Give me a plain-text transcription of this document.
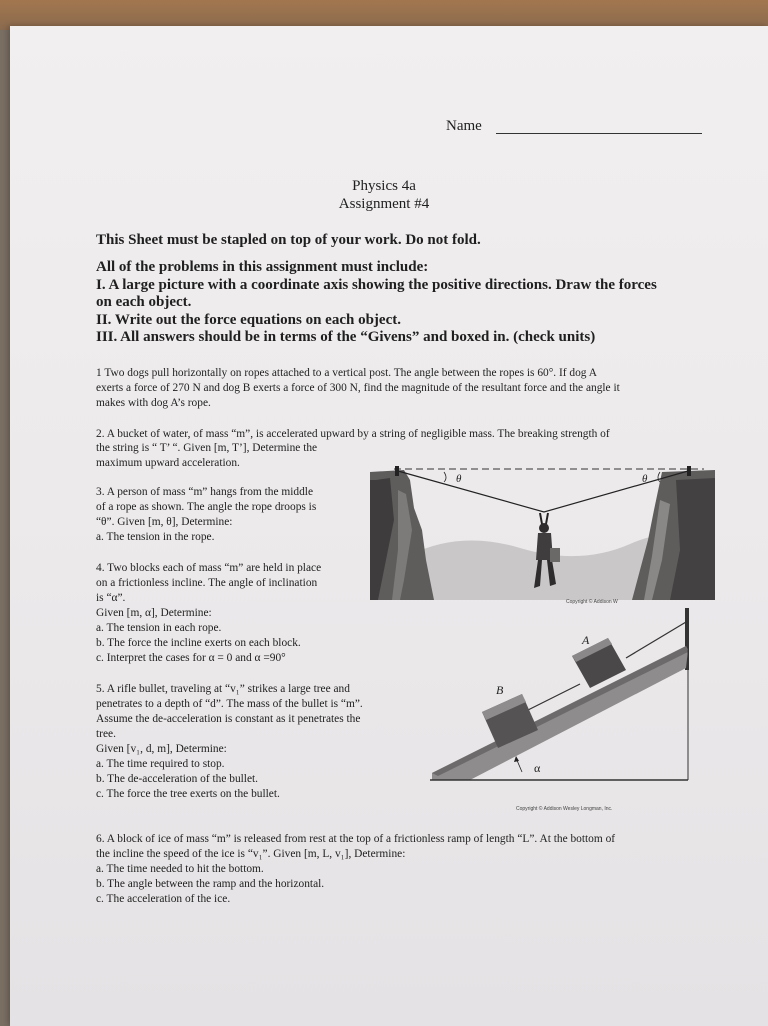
Name
Physics 4a
Assignment #4
This Sheet must be stapled on top of your work. Do not fold.
All of the problems in this assignment must include:
I. A large picture with a coordinate axis showing the positive directions. Draw the forces
on each object.
II. Write out the force equations on each object.
III. All answers should be in terms of the “Givens” and boxed in. (check units)
1 Two dogs pull horizontally on ropes attached to a vertical post. The angle between the ropes is 60°. If dog A
exerts a force of 270 N and dog B exerts a force of 300 N, find the magnitude of the resultant force and the angle it
makes with dog A’s rope.
2. A bucket of water, of mass “m”, is accelerated upward by a string of negligible mass. The breaking strength of
the string is “ T’ “. Given [m, T’], Determine the
maximum upward acceleration.
3. A person of mass “m” hangs from the middle
of a rope as shown. The angle the rope droops is
“θ”. Given [m, θ], Determine:
a. The tension in the rope.
4. Two blocks each of mass “m” are held in place
on a frictionless incline. The angle of inclination
is “α”.
Given [m, α], Determine:
a. The tension in each rope.
b. The force the incline exerts on each block.
c. Interpret the cases for α = 0 and α =90°
5. A rifle bullet, traveling at “v₁” strikes a large tree and
penetrates to a depth of “d”. The mass of the bullet is “m”.
Assume the de-acceleration is constant as it penetrates the
tree.
Given [v₁, d, m], Determine:
a. The time required to stop.
b. The de-acceleration of the bullet.
c. The force the tree exerts on the bullet.
6. A block of ice of mass “m” is released from rest at the top of a frictionless ramp of length “L”. At the bottom of
the incline the speed of the ice is “v₁”. Given [m, L, v₁], Determine:
a. The time needed to hit the bottom.
b. The angle between the ramp and the horizontal.
c. The acceleration of the ice.
θ	θ
Copyright © Addison W
A
B
α
Copyright © Addison Wesley Longman, Inc.
